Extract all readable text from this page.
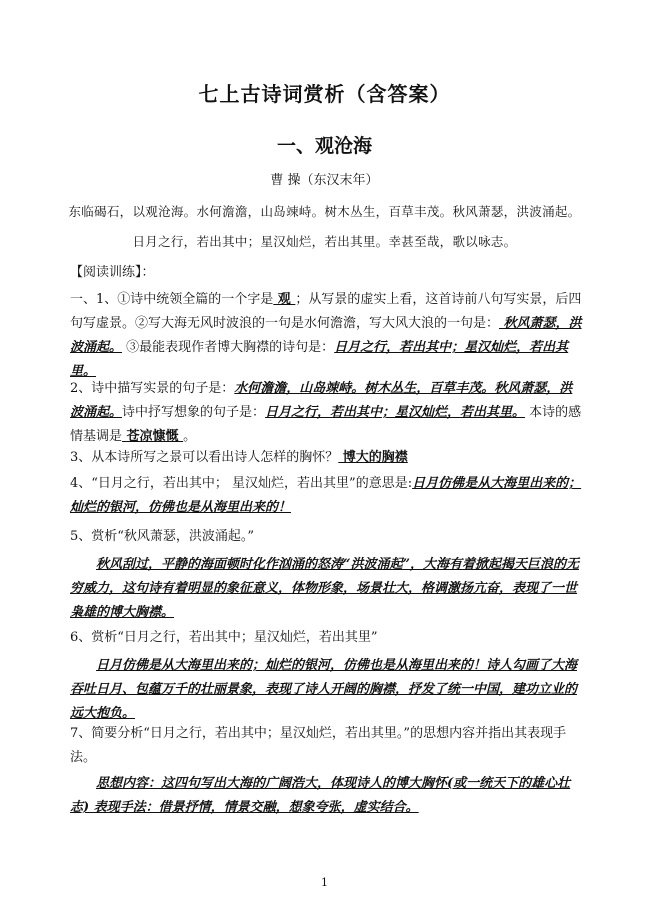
七上古诗词赏析（含答案）
一、观沧海
曹 操（东汉末年）
东临碣石，以观沧海。水何澹澹，山岛竦峙。树木丛生，百草丰茂。秋风萧瑟，洪波涌起。
日月之行，若出其中；星汉灿烂，若出其里。幸甚至哉，歌以咏志。
【阅读训练】：
一、1、①诗中统领全篇的一个字是 观 ；从写景的虚实上看，这首诗前八句写实景，后四句写虚景。②写大海无风时波浪的一句是水何澹澹，写大风大浪的一句是： 秋风萧瑟，洪波涌起。 ③最能表现作者博大胸襟的诗句是：日月之行，若出其中；星汉灿烂，若出其里。
2、诗中描写实景的句子是：水何澹澹，山岛竦峙。树木丛生，百草丰茂。秋风萧瑟，洪波涌起。诗中抒写想象的句子是：日月之行，若出其中；星汉灿烂，若出其里。 本诗的感情基调是 苍凉慷慨 。
3、从本诗所写之景可以看出诗人怎样的胸怀？ 博大的胸襟
4、“日月之行，若出其中； 星汉灿烂，若出其里”的意思是:日月仿佛是从大海里出来的；灿烂的银河，仿佛也是从海里出来的！
5、赏析“秋风萧瑟，洪波涌起。”
秋风刮过，平静的海面顿时化作汹涌的怒涛“洪波涌起”，大海有着掀起揭天巨浪的无穷威力，这句诗有着明显的象征意义，体物形象，场景壮大，格调激扬亢奋，表现了一世枭雄的博大胸襟。
6、赏析“日月之行，若出其中；星汉灿烂，若出其里”
日月仿佛是从大海里出来的；灿烂的银河，仿佛也是从海里出来的！诗人勾画了大海吞吐日月、包蕴万千的壮丽景象，表现了诗人开阔的胸襟，抒发了统一中国，建功立业的远大抱负。
7、简要分析“日月之行，若出其中；星汉灿烂，若出其里。”的思想内容并指出其表现手法。
思想内容：这四句写出大海的广阔浩大，体现诗人的博大胸怀(或一统天下的雄心壮志) 表现手法：借景抒情，情景交融，想象夸张，虚实结合。
1
